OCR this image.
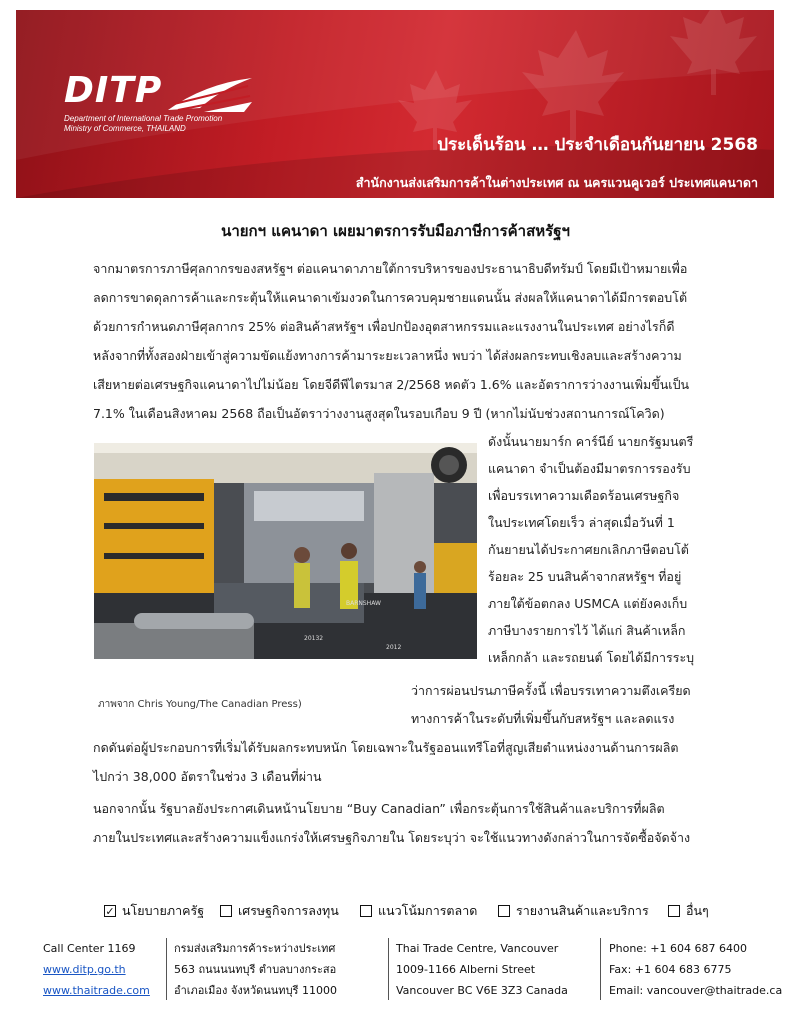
DITP
Department of International Trade Promotion
Ministry of Commerce, THAILAND
ประเด็นร้อน … ประจำเดือนกันยายน 2568
สำนักงานส่งเสริมการค้าในต่างประเทศ ณ นครแวนคูเวอร์ ประเทศแคนาดา
นายกฯ แคนาดา เผยมาตรการรับมือภาษีการค้าสหรัฐฯ
จากมาตรการภาษีศุลกากรของสหรัฐฯ ต่อแคนาดาภายใต้การบริหารของประธานาธิบดีทรัมป์ โดยมีเป้าหมายเพื่อ
ลดการขาดดุลการค้าและกระตุ้นให้แคนาดาเข้มงวดในการควบคุมชายแดนนั้น ส่งผลให้แคนาดาได้มีการตอบโต้
ด้วยการกำหนดภาษีศุลกากร 25% ต่อสินค้าสหรัฐฯ เพื่อปกป้องอุตสาหกรรมและแรงงานในประเทศ อย่างไรก็ดี
หลังจากที่ทั้งสองฝ่ายเข้าสู่ความขัดแย้งทางการค้ามาระยะเวลาหนึ่ง พบว่า ได้ส่งผลกระทบเชิงลบและสร้างความ
เสียหายต่อเศรษฐกิจแคนาดาไปไม่น้อย โดยจีดีพีไตรมาส 2/2568 หดตัว 1.6% และอัตราการว่างงานเพิ่มขึ้นเป็น
7.1% ในเดือนสิงหาคม 2568 ถือเป็นอัตราว่างงานสูงสุดในรอบเกือบ 9 ปี (หากไม่นับช่วงสถานการณ์โควิด)
BARNSHAW
20132
2012
ดังนั้นนายมาร์ก คาร์นีย์ นายกรัฐมนตรี
แคนาดา จำเป็นต้องมีมาตรการรองรับ
เพื่อบรรเทาความเดือดร้อนเศรษฐกิจ
ในประเทศโดยเร็ว ล่าสุดเมื่อวันที่ 1
กันยายนได้ประกาศยกเลิกภาษีตอบโต้
ร้อยละ 25 บนสินค้าจากสหรัฐฯ ที่อยู่
ภายใต้ข้อตกลง USMCA แต่ยังคงเก็บ
ภาษีบางรายการไว้ ได้แก่ สินค้าเหล็ก
เหล็กกล้า และรถยนต์ โดยได้มีการระบุ
ภาพจาก Chris Young/The Canadian Press)
ว่าการผ่อนปรนภาษีครั้งนี้ เพื่อบรรเทาความตึงเครียด
ทางการค้าในระดับที่เพิ่มขึ้นกับสหรัฐฯ และลดแรง
กดดันต่อผู้ประกอบการที่เริ่มได้รับผลกระทบหนัก โดยเฉพาะในรัฐออนแทรีโอที่สูญเสียตำแหน่งงานด้านการผลิต
ไปกว่า 38,000 อัตราในช่วง 3 เดือนที่ผ่าน
นอกจากนั้น รัฐบาลยังประกาศเดินหน้านโยบาย “Buy Canadian” เพื่อกระตุ้นการใช้สินค้าและบริการที่ผลิต
ภายในประเทศและสร้างความแข็งแกร่งให้เศรษฐกิจภายใน โดยระบุว่า จะใช้แนวทางดังกล่าวในการจัดซื้อจัดจ้าง
✓ นโยบายภาครัฐ	เศรษฐกิจการลงทุน	แนวโน้มการตลาด	รายงานสินค้าและบริการ	อื่นๆ
Call Center 1169
www.ditp.go.th
www.thaitrade.com
กรมส่งเสริมการค้าระหว่างประเทศ
563 ถนนนนทบุรี ตำบลบางกระสอ
อำเภอเมือง จังหวัดนนทบุรี 11000
Thai Trade Centre, Vancouver
1009-1166 Alberni Street
Vancouver BC V6E 3Z3 Canada
Phone: +1 604 687 6400
Fax: +1 604 683 6775
Email: vancouver@thaitrade.ca
